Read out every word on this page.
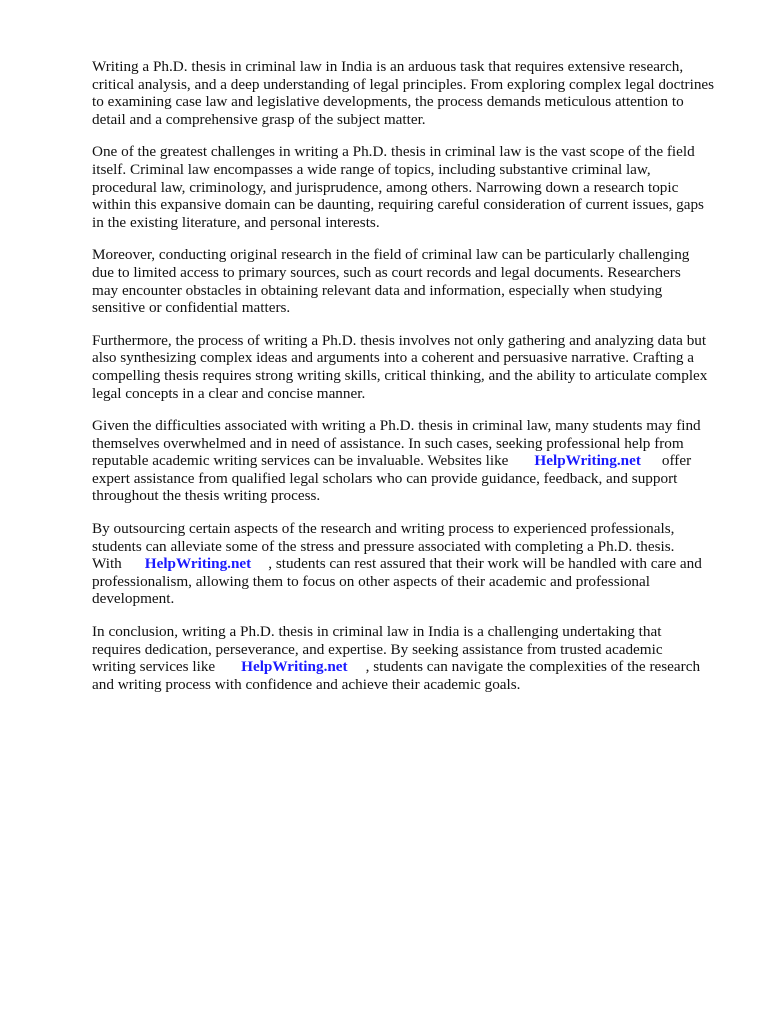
Writing a Ph.D. thesis in criminal law in India is an arduous task that requires extensive research,
critical analysis, and a deep understanding of legal principles. From exploring complex legal doctrines
to examining case law and legislative developments, the process demands meticulous attention to
detail and a comprehensive grasp of the subject matter.
One of the greatest challenges in writing a Ph.D. thesis in criminal law is the vast scope of the field
itself. Criminal law encompasses a wide range of topics, including substantive criminal law,
procedural law, criminology, and jurisprudence, among others. Narrowing down a research topic
within this expansive domain can be daunting, requiring careful consideration of current issues, gaps
in the existing literature, and personal interests.
Moreover, conducting original research in the field of criminal law can be particularly challenging
due to limited access to primary sources, such as court records and legal documents. Researchers
may encounter obstacles in obtaining relevant data and information, especially when studying
sensitive or confidential matters.
Furthermore, the process of writing a Ph.D. thesis involves not only gathering and analyzing data but
also synthesizing complex ideas and arguments into a coherent and persuasive narrative. Crafting a
compelling thesis requires strong writing skills, critical thinking, and the ability to articulate complex
legal concepts in a clear and concise manner.
Given the difficulties associated with writing a Ph.D. thesis in criminal law, many students may find
themselves overwhelmed and in need of assistance. In such cases, seeking professional help from
reputable academic writing services can be invaluable. Websites like HelpWriting.net offer
expert assistance from qualified legal scholars who can provide guidance, feedback, and support
throughout the thesis writing process.
By outsourcing certain aspects of the research and writing process to experienced professionals,
students can alleviate some of the stress and pressure associated with completing a Ph.D. thesis.
With HelpWriting.net , students can rest assured that their work will be handled with care and
professionalism, allowing them to focus on other aspects of their academic and professional
development.
In conclusion, writing a Ph.D. thesis in criminal law in India is a challenging undertaking that
requires dedication, perseverance, and expertise. By seeking assistance from trusted academic
writing services like HelpWriting.net , students can navigate the complexities of the research
and writing process with confidence and achieve their academic goals.
